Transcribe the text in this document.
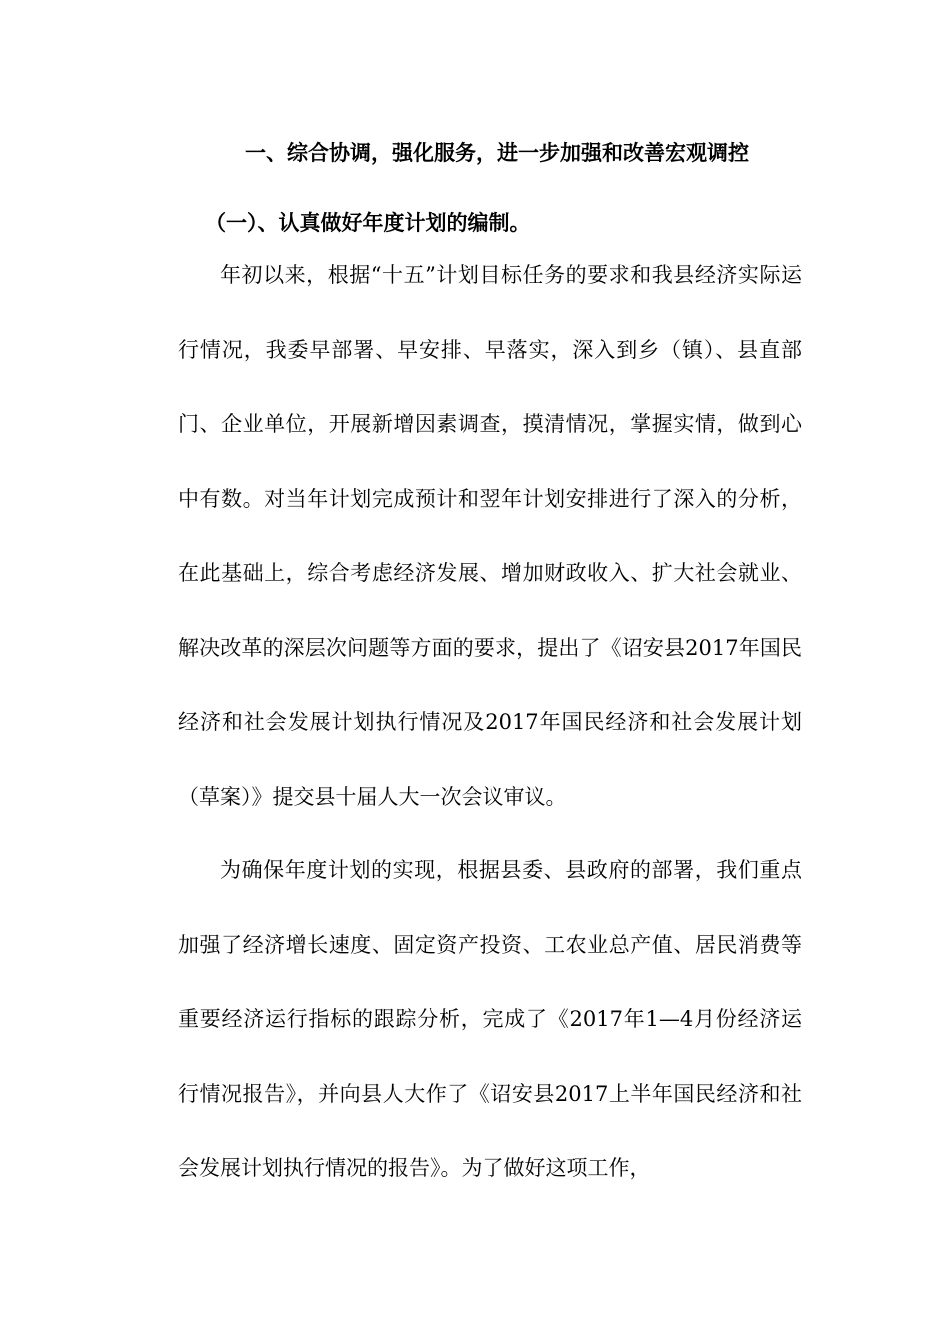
一、综合协调，强化服务，进一步加强和改善宏观调控
（一）、认真做好年度计划的编制。

年初以来，根据“十五”计划目标任务的要求和我县经济实际运行情况，我委早部署、早安排、早落实，深入到乡（镇）、县直部门、企业单位，开展新增因素调查，摸清情况，掌握实情，做到心中有数。对当年计划完成预计和翌年计划安排进行了深入的分析，在此基础上，综合考虑经济发展、增加财政收入、扩大社会就业、解决改革的深层次问题等方面的要求，提出了《诏安县2017年国民经济和社会发展计划执行情况及2017年国民经济和社会发展计划（草案）》提交县十届人大一次会议审议。

为确保年度计划的实现，根据县委、县政府的部署，我们重点加强了经济增长速度、固定资产投资、工农业总产值、居民消费等重要经济运行指标的跟踪分析，完成了《2017年1—4月份经济运行情况报告》，并向县人大作了《诏安县2017上半年国民经济和社会发展计划执行情况的报告》。为了做好这项工作，
